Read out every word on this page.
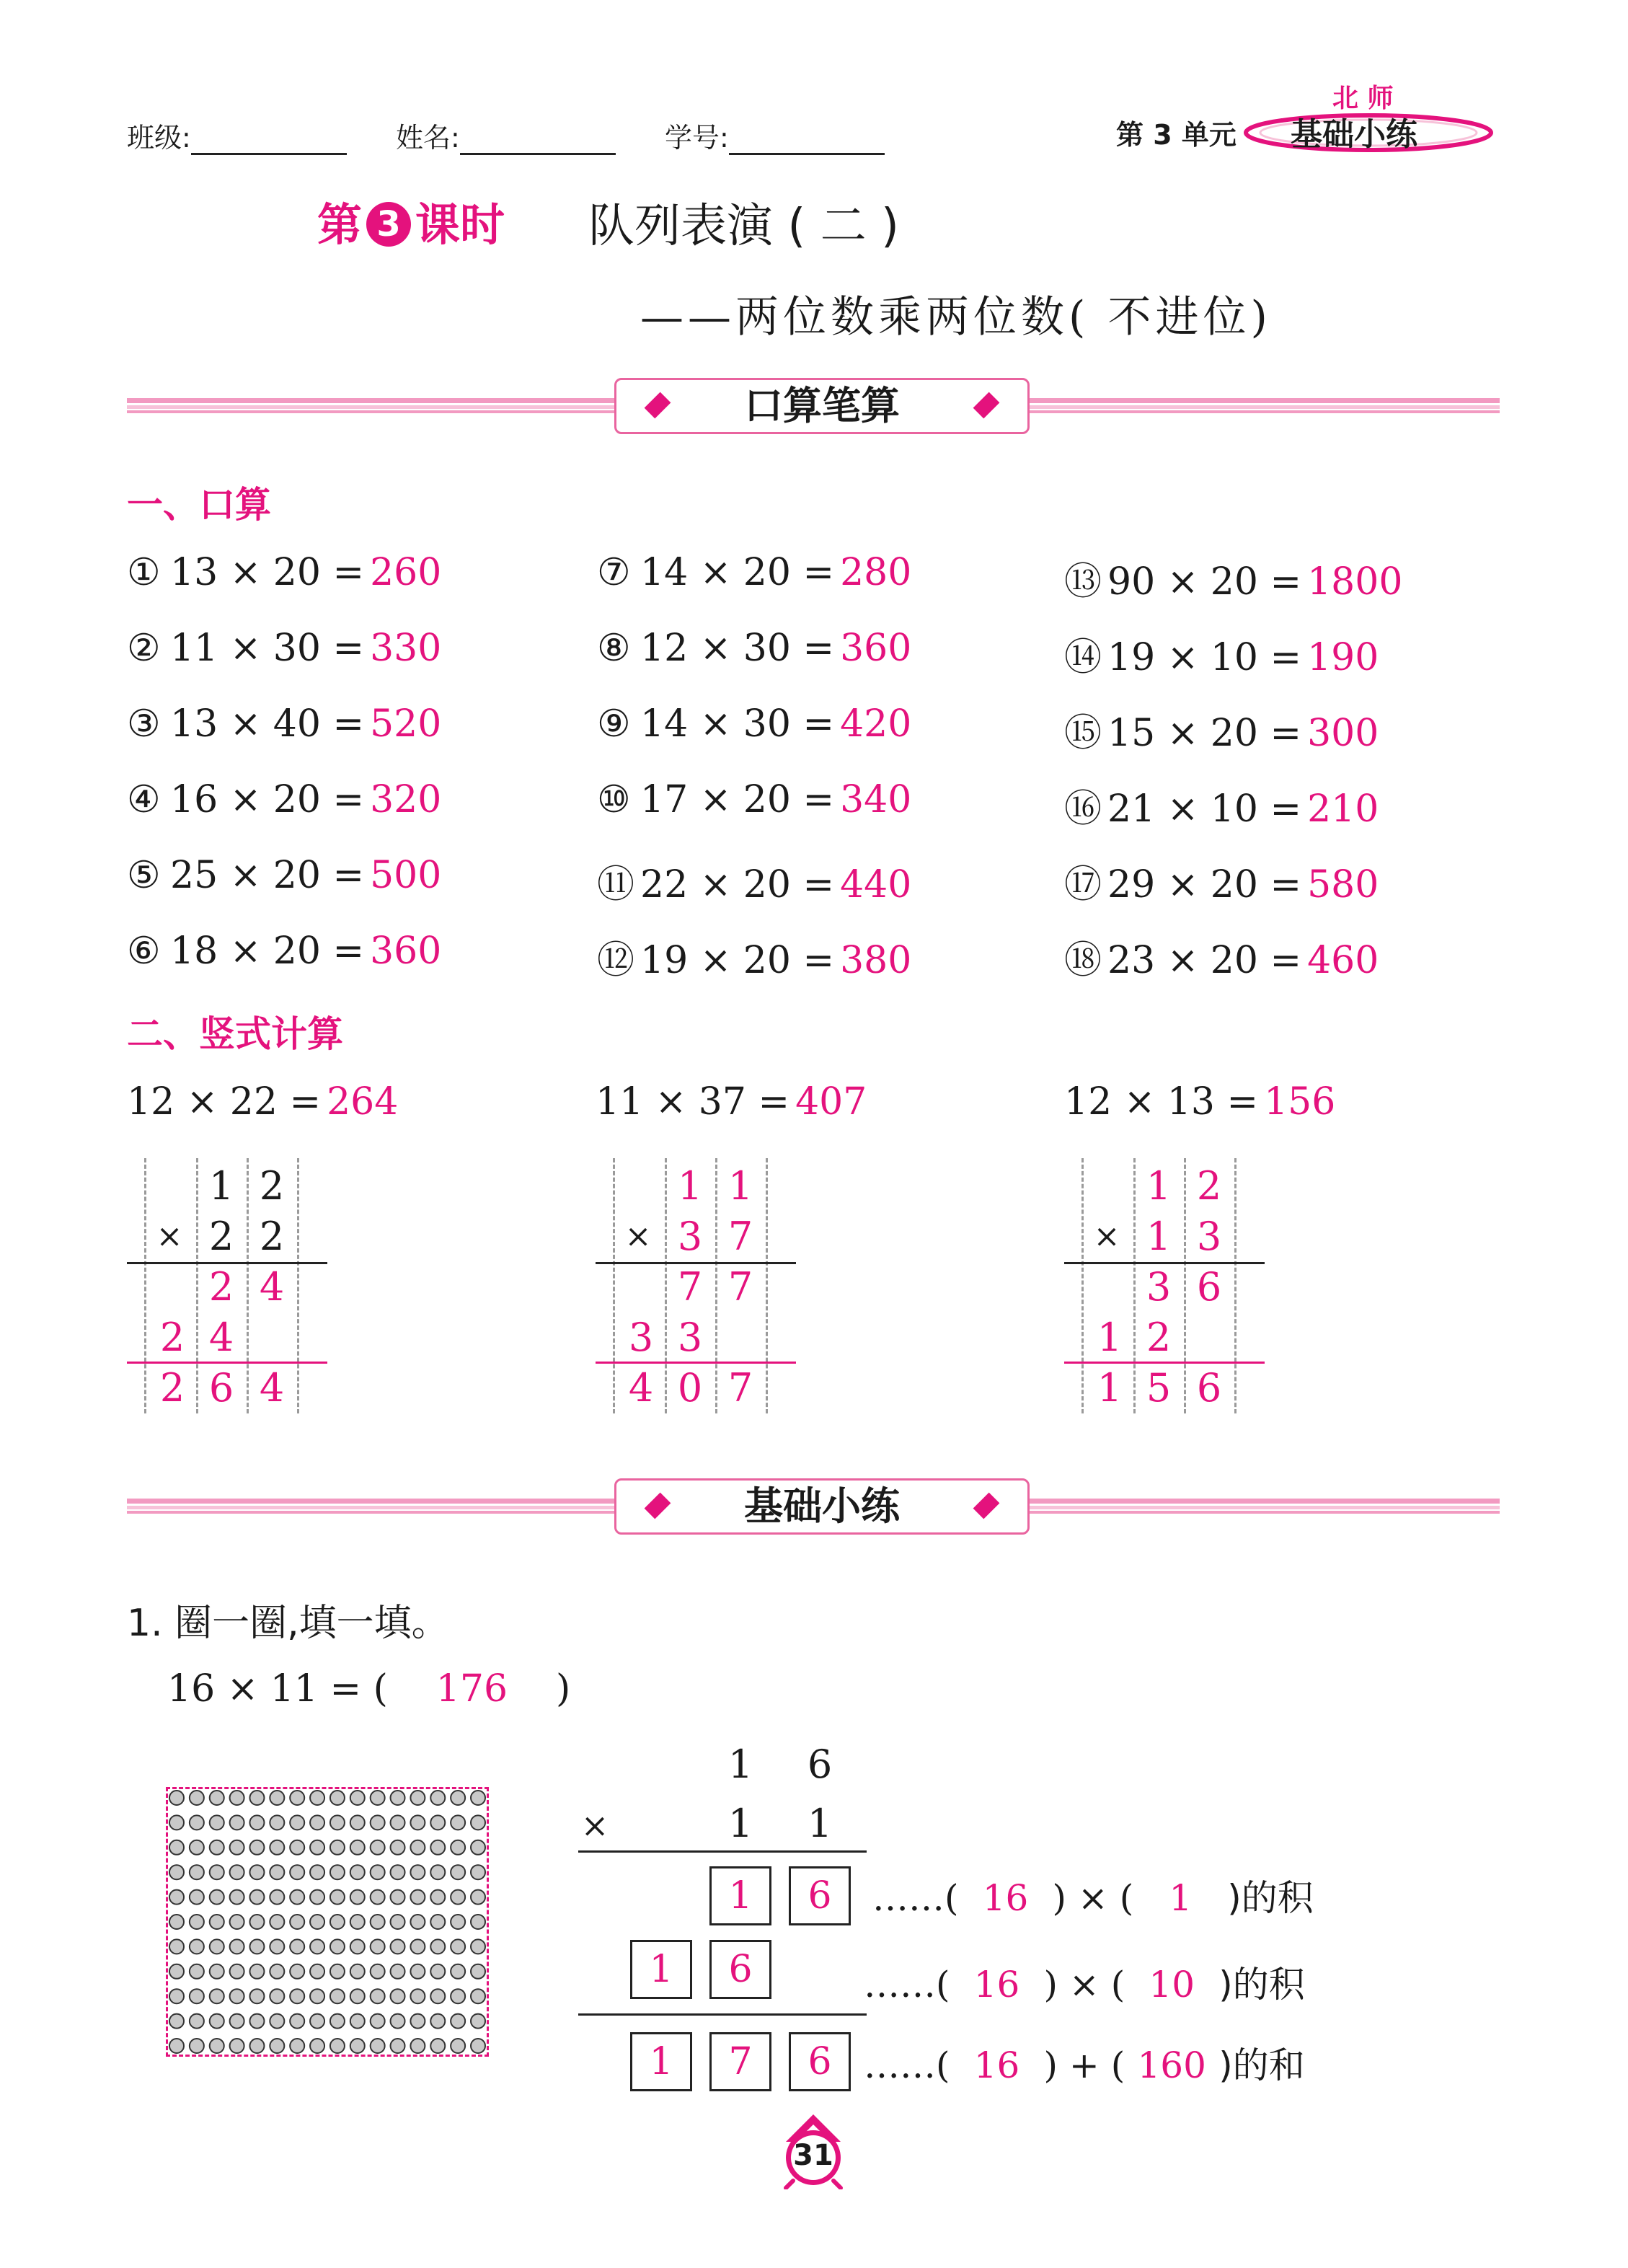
班级:	姓名:	学号:	第 3 单元
北 师
基础小练
第 3 课时 队列表演 ( 二 )
——两位数乘两位数( 不进位)
口算笔算
一、口算
① 13 × 20 = 260
② 11 × 30 = 330
③ 13 × 40 = 520
④ 16 × 20 = 320
⑤ 25 × 20 = 500
⑥ 18 × 20 = 360
⑦ 14 × 20 = 280
⑧ 12 × 30 = 360
⑨ 14 × 30 = 420
⑩ 17 × 20 = 340
⑪ 22 × 20 = 440
⑫ 19 × 20 = 380
⑬ 90 × 20 = 1800
⑭ 19 × 10 = 190
⑮ 15 × 20 = 300
⑯ 21 × 10 = 210
⑰ 29 × 20 = 580
⑱ 23 × 20 = 460
二、竖式计算
12 × 22 = 264
1 2
× 2 2
2 4
2 4
2 6 4
11 × 37 = 407
1 1
× 3 7
7 7
3 3
4 0 7
12 × 13 = 156
1 2
× 1 3
3 6
1 2
1 5 6
基础小练
1. 圈一圈,填一填。
16 × 11 = ( 176 )
1	6
×	1	1
1	6
1	6
1	7	6
……( 16 ) × ( 1 )的积
……( 16 ) × ( 10 )的积
……( 16 ) + ( 160 )的和
31
